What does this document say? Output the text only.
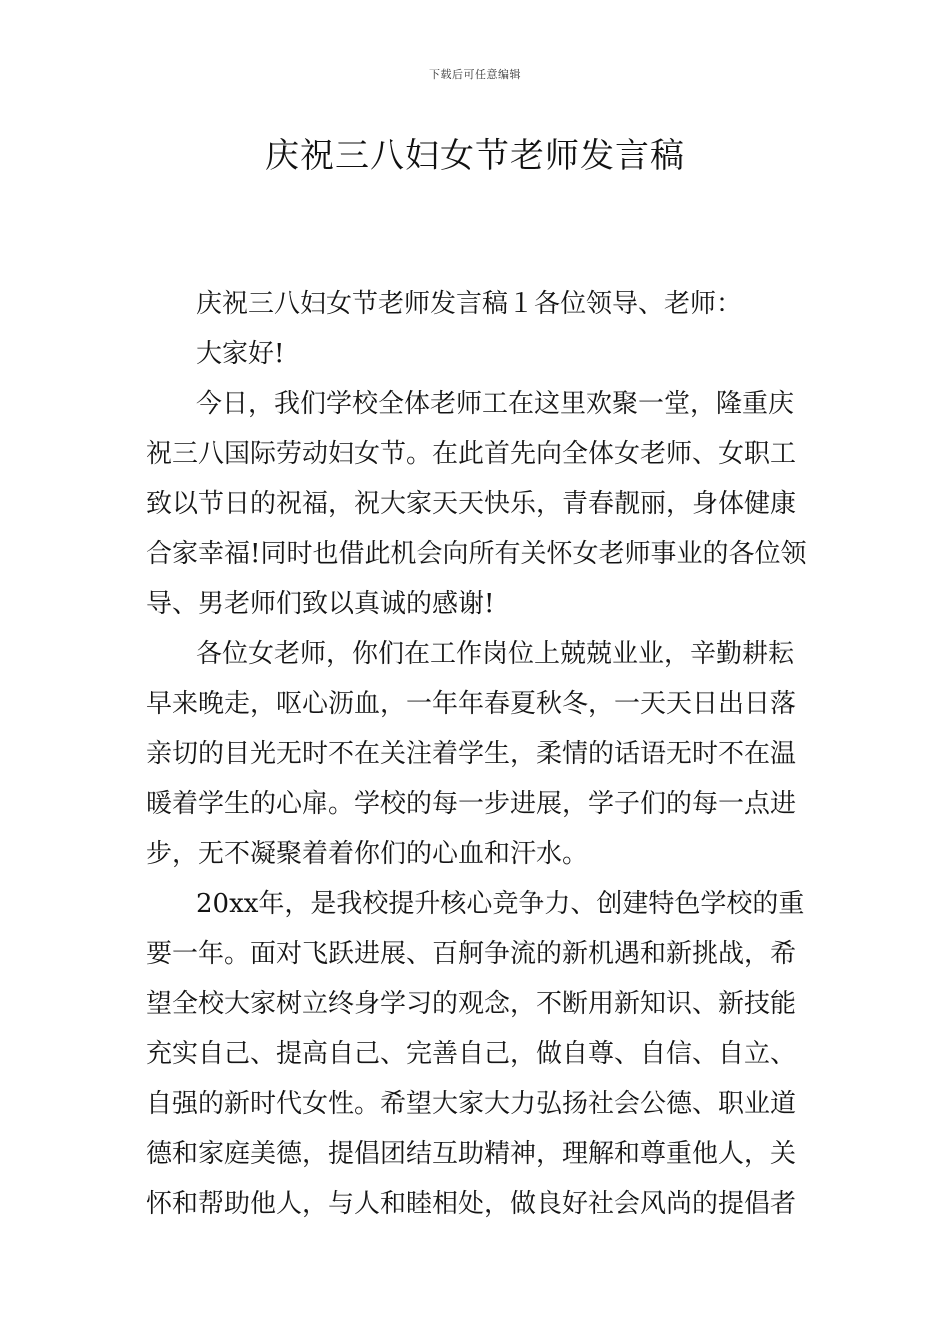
下载后可任意编辑
庆祝三八妇女节老师发言稿
庆祝三八妇女节老师发言稿１各位领导、老师：
大家好!
今日，我们学校全体老师工在这里欢聚一堂，隆重庆
祝三八国际劳动妇女节。在此首先向全体女老师、女职工
致以节日的祝福，祝大家天天快乐，青春靓丽，身体健康
合家幸福!同时也借此机会向所有关怀女老师事业的各位领
导、男老师们致以真诚的感谢!
各位女老师，你们在工作岗位上兢兢业业，辛勤耕耘
早来晚走，呕心沥血，一年年春夏秋冬，一天天日出日落
亲切的目光无时不在关注着学生，柔情的话语无时不在温
暖着学生的心扉。学校的每一步进展，学子们的每一点进
步，无不凝聚着着你们的心血和汗水。
20xx年，是我校提升核心竞争力、创建特色学校的重
要一年。面对飞跃进展、百舸争流的新机遇和新挑战，希
望全校大家树立终身学习的观念，不断用新知识、新技能
充实自己、提高自己、完善自己，做自尊、自信、自立、
自强的新时代女性。希望大家大力弘扬社会公德、职业道
德和家庭美德，提倡团结互助精神，理解和尊重他人，关
怀和帮助他人，与人和睦相处，做良好社会风尚的提倡者
